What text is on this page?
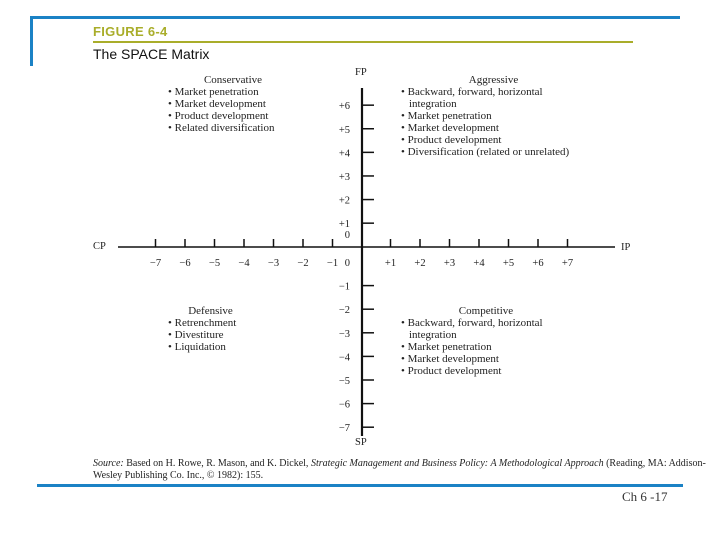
FIGURE 6-4
The SPACE Matrix
−7 −6 −5 −4 −3 −2 −1	+1 +2 +3 +4 +5 +6 +7
+6
+5
+4
+3
+2
+1
−1
−2
−3
−4
−5
−6
−7
0
0
FP
SP
CP	IP
Conservative
• Market penetration
• Market development
• Product development
• Related diversification
Aggressive
• Backward, forward, horizontal integration
• Market penetration
• Market development
• Product development
• Diversification (related or unrelated)
Defensive
• Retrenchment
• Divestiture
• Liquidation
Competitive
• Backward, forward, horizontal integration
• Market penetration
• Market development
• Product development
Source: Based on H. Rowe, R. Mason, and K. Dickel, Strategic Management and Business Policy: A Methodological Approach (Reading, MA: Addison-Wesley Publishing Co. Inc., © 1982): 155.
Ch 6 -17
